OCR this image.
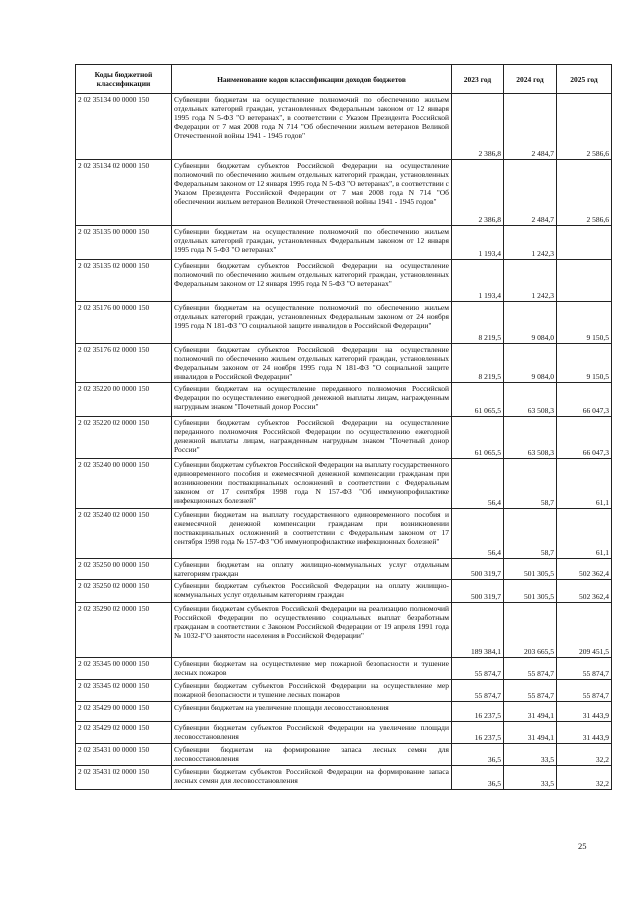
Коды бюджетной классификации	Наименование кодов классификации доходов бюджетов	2023 год	2024 год	2025 год
2 02 35134 00 0000 150	Субвенции бюджетам на осуществление полномочий по обеспечению жильем отдельных категорий граждан, установленных Федеральным законом от 12 января 1995 года N 5-ФЗ "О ветеранах", в соответствии с Указом Президента Российской Федерации от 7 мая 2008 года N 714 "Об обеспечении жильем ветеранов Великой Отечественной войны 1941 - 1945 годов"	2 386,8	2 484,7	2 586,6
2 02 35134 02 0000 150	Субвенции бюджетам субъектов Российской Федерации на осуществление полномочий по обеспечению жильем отдельных категорий граждан, установленных Федеральным законом от 12 января 1995 года N 5-ФЗ "О ветеранах", в соответствии с Указом Президента Российской Федерации от 7 мая 2008 года N 714 "Об обеспечении жильем ветеранов Великой Отечественной войны 1941 - 1945 годов"	2 386,8	2 484,7	2 586,6
2 02 35135 00 0000 150	Субвенции бюджетам на осуществление полномочий по обеспечению жильем отдельных категорий граждан, установленных Федеральным законом от 12 января 1995 года N 5-ФЗ "О ветеранах"	1 193,4	1 242,3	
2 02 35135 02 0000 150	Субвенции бюджетам субъектов Российской Федерации на осуществление полномочий по обеспечению жильем отдельных категорий граждан, установленных Федеральным законом от 12 января 1995 года N 5-ФЗ "О ветеранах"	1 193,4	1 242,3	
2 02 35176 00 0000 150	Субвенции бюджетам на осуществление полномочий по обеспечению жильем отдельных категорий граждан, установленных Федеральным законом от 24 ноября 1995 года N 181-ФЗ "О социальной защите инвалидов в Российской Федерации"	8 219,5	9 084,0	9 150,5
2 02 35176 02 0000 150	Субвенции бюджетам субъектов Российской Федерации на осуществление полномочий по обеспечению жильем отдельных категорий граждан, установленных Федеральным законом от 24 ноября 1995 года N 181-ФЗ "О социальной защите инвалидов в Российской Федерации"	8 219,5	9 084,0	9 150,5
2 02 35220 00 0000 150	Субвенции бюджетам на осуществление переданного полномочия Российской Федерации по осуществлению ежегодной денежной выплаты лицам, награжденным нагрудным знаком "Почетный донор России"	61 065,5	63 508,3	66 047,3
2 02 35220 02 0000 150	Субвенции бюджетам субъектов Российской Федерации на осуществление переданного полномочия Российской Федерации по осуществлению ежегодной денежной выплаты лицам, награжденным нагрудным знаком "Почетный донор России"	61 065,5	63 508,3	66 047,3
2 02 35240 00 0000 150	Субвенции бюджетам субъектов Российской Федерации на выплату государственного единовременного пособия и ежемесячной денежной компенсации гражданам при возникновении поствакцинальных осложнений в соответствии с Федеральным законом от 17 сентября 1998 года N 157-ФЗ "Об иммунопрофилактике инфекционных болезней"	56,4	58,7	61,1
2 02 35240 02 0000 150	Субвенции бюджетам на выплату государственного единовременного пособия и ежемесячной денежной компенсации гражданам при возникновении поствакцинальных осложнений в соответствии с Федеральным законом от 17 сентября 1998 года № 157-ФЗ "Об иммунопрофилактике инфекционных болезней"	56,4	58,7	61,1
2 02 35250 00 0000 150	Субвенции бюджетам на оплату жилищно-коммунальных услуг отдельным категориям граждан	500 319,7	501 305,5	502 362,4
2 02 35250 02 0000 150	Субвенции бюджетам субъектов Российской Федерации на оплату жилищно-коммунальных услуг отдельным категориям граждан	500 319,7	501 305,5	502 362,4
2 02 35290 02 0000 150	Субвенции бюджетам субъектов Российской Федерации на реализацию полномочий Российской Федерации по осуществлению социальных выплат безработным гражданам в соответствии с Законом Российской Федерации от 19 апреля 1991 года № 1032-I"О занятости населения в Российской Федерации"	189 384,1	203 665,5	209 451,5
2 02 35345 00 0000 150	Субвенции бюджетам на осуществление мер пожарной безопасности и тушение лесных пожаров	55 874,7	55 874,7	55 874,7
2 02 35345 02 0000 150	Субвенции бюджетам субъектов Российской Федерации на осуществление мер пожарной безопасности и тушение лесных пожаров	55 874,7	55 874,7	55 874,7
2 02 35429 00 0000 150	Субвенции бюджетам на увеличение площади лесовосстановления	16 237,5	31 494,1	31 443,9
2 02 35429 02 0000 150	Субвенции бюджетам субъектов Российской Федерации на увеличение площади лесовосстановления	16 237,5	31 494,1	31 443,9
2 02 35431 00 0000 150	Субвенции бюджетам на формирование запаса лесных семян для лесовосстановления	36,5	33,5	32,2
2 02 35431 02 0000 150	Субвенции бюджетам субъектов Российской Федерации на формирование запаса лесных семян для лесовосстановления	36,5	33,5	32,2
25
